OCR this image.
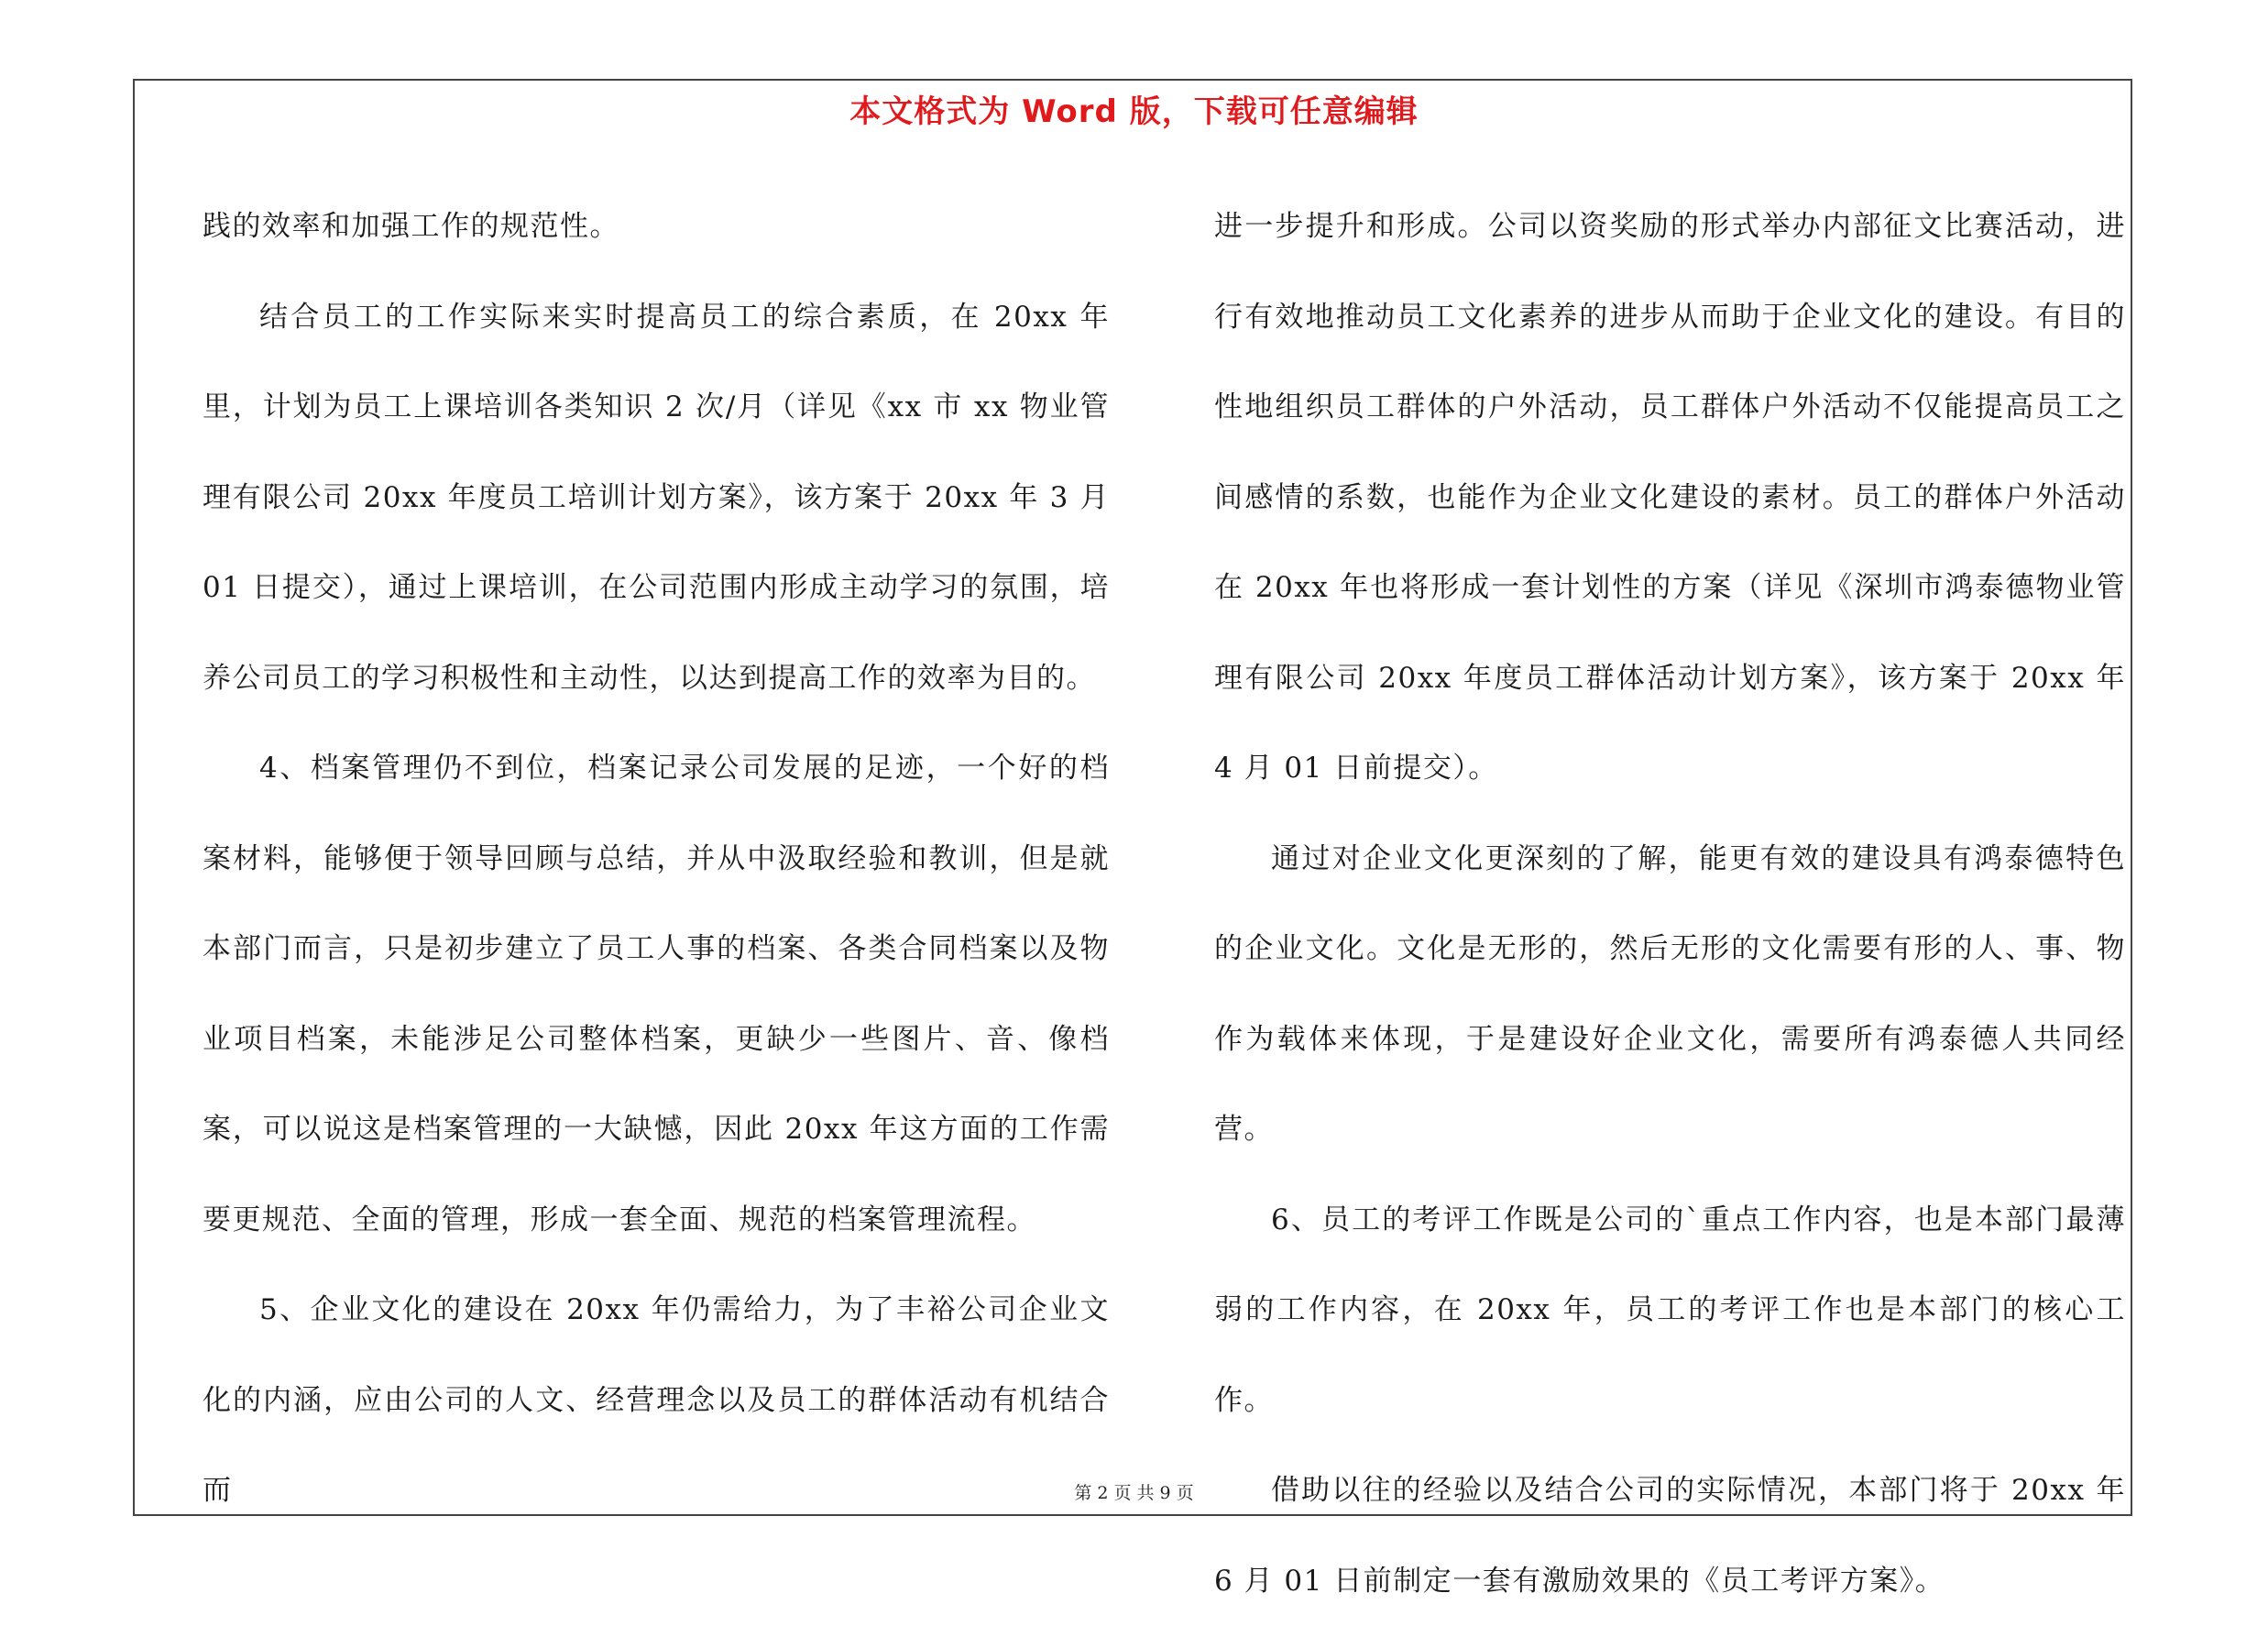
本文格式为 Word 版，下载可任意编辑

践的效率和加强工作的规范性。

结合员工的工作实际来实时提高员工的综合素质，在 20xx 年里，计划为员工上课培训各类知识 2 次/月（详见《xx 市 xx 物业管理有限公司 20xx 年度员工培训计划方案》，该方案于 20xx 年 3 月 01 日提交），通过上课培训，在公司范围内形成主动学习的氛围，培养公司员工的学习积极性和主动性，以达到提高工作的效率为目的。

4、档案管理仍不到位，档案记录公司发展的足迹，一个好的档案材料，能够便于领导回顾与总结，并从中汲取经验和教训，但是就本部门而言，只是初步建立了员工人事的档案、各类合同档案以及物业项目档案，未能涉足公司整体档案，更缺少一些图片、音、像档案，可以说这是档案管理的一大缺憾，因此 20xx 年这方面的工作需要更规范、全面的管理，形成一套全面、规范的档案管理流程。

5、企业文化的建设在 20xx 年仍需给力，为了丰裕公司企业文化的内涵，应由公司的人文、经营理念以及员工的群体活动有机结合而

进一步提升和形成。公司以资奖励的形式举办内部征文比赛活动，进行有效地推动员工文化素养的进步从而助于企业文化的建设。有目的性地组织员工群体的户外活动，员工群体户外活动不仅能提高员工之间感情的系数，也能作为企业文化建设的素材。员工的群体户外活动在 20xx 年也将形成一套计划性的方案（详见《深圳市鸿泰德物业管理有限公司 20xx 年度员工群体活动计划方案》，该方案于 20xx 年 4 月 01 日前提交）。

通过对企业文化更深刻的了解，能更有效的建设具有鸿泰德特色的企业文化。文化是无形的，然后无形的文化需要有形的人、事、物作为载体来体现，于是建设好企业文化，需要所有鸿泰德人共同经营。

6、员工的考评工作既是公司的`重点工作内容，也是本部门最薄弱的工作内容，在 20xx 年，员工的考评工作也是本部门的核心工作。

借助以往的经验以及结合公司的实际情况，本部门将于 20xx 年 6 月 01 日前制定一套有激励效果的《员工考评方案》。

第 2 页 共 9 页
